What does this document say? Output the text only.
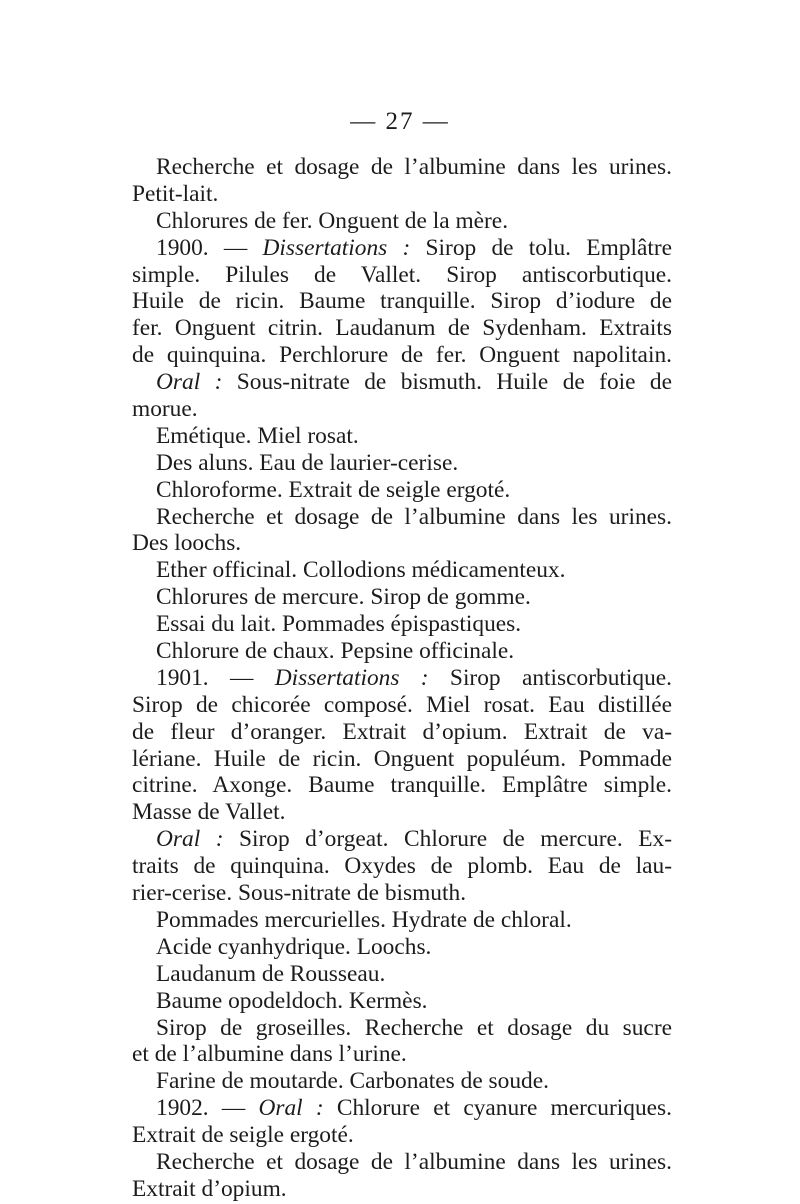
— 27 —
Recherche et dosage de l’albumine dans les urines.
Petit-lait.
Chlorures de fer. Onguent de la mère.
1900. — Dissertations : Sirop de tolu. Emplâtre
simple. Pilules de Vallet. Sirop antiscorbutique.
Huile de ricin. Baume tranquille. Sirop d’iodure de
fer. Onguent citrin. Laudanum de Sydenham. Extraits
de quinquina. Perchlorure de fer. Onguent napolitain.
Oral : Sous-nitrate de bismuth. Huile de foie de
morue.
Emétique. Miel rosat.
Des aluns. Eau de laurier-cerise.
Chloroforme. Extrait de seigle ergoté.
Recherche et dosage de l’albumine dans les urines.
Des loochs.
Ether officinal. Collodions médicamenteux.
Chlorures de mercure. Sirop de gomme.
Essai du lait. Pommades épispastiques.
Chlorure de chaux. Pepsine officinale.
1901. — Dissertations : Sirop antiscorbutique.
Sirop de chicorée composé. Miel rosat. Eau distillée
de fleur d’oranger. Extrait d’opium. Extrait de va-
lériane. Huile de ricin. Onguent populéum. Pommade
citrine. Axonge. Baume tranquille. Emplâtre simple.
Masse de Vallet.
Oral : Sirop d’orgeat. Chlorure de mercure. Ex-
traits de quinquina. Oxydes de plomb. Eau de lau-
rier-cerise. Sous-nitrate de bismuth.
Pommades mercurielles. Hydrate de chloral.
Acide cyanhydrique. Loochs.
Laudanum de Rousseau.
Baume opodeldoch. Kermès.
Sirop de groseilles. Recherche et dosage du sucre
et de l’albumine dans l’urine.
Farine de moutarde. Carbonates de soude.
1902. — Oral : Chlorure et cyanure mercuriques.
Extrait de seigle ergoté.
Recherche et dosage de l’albumine dans les urines.
Extrait d’opium.
